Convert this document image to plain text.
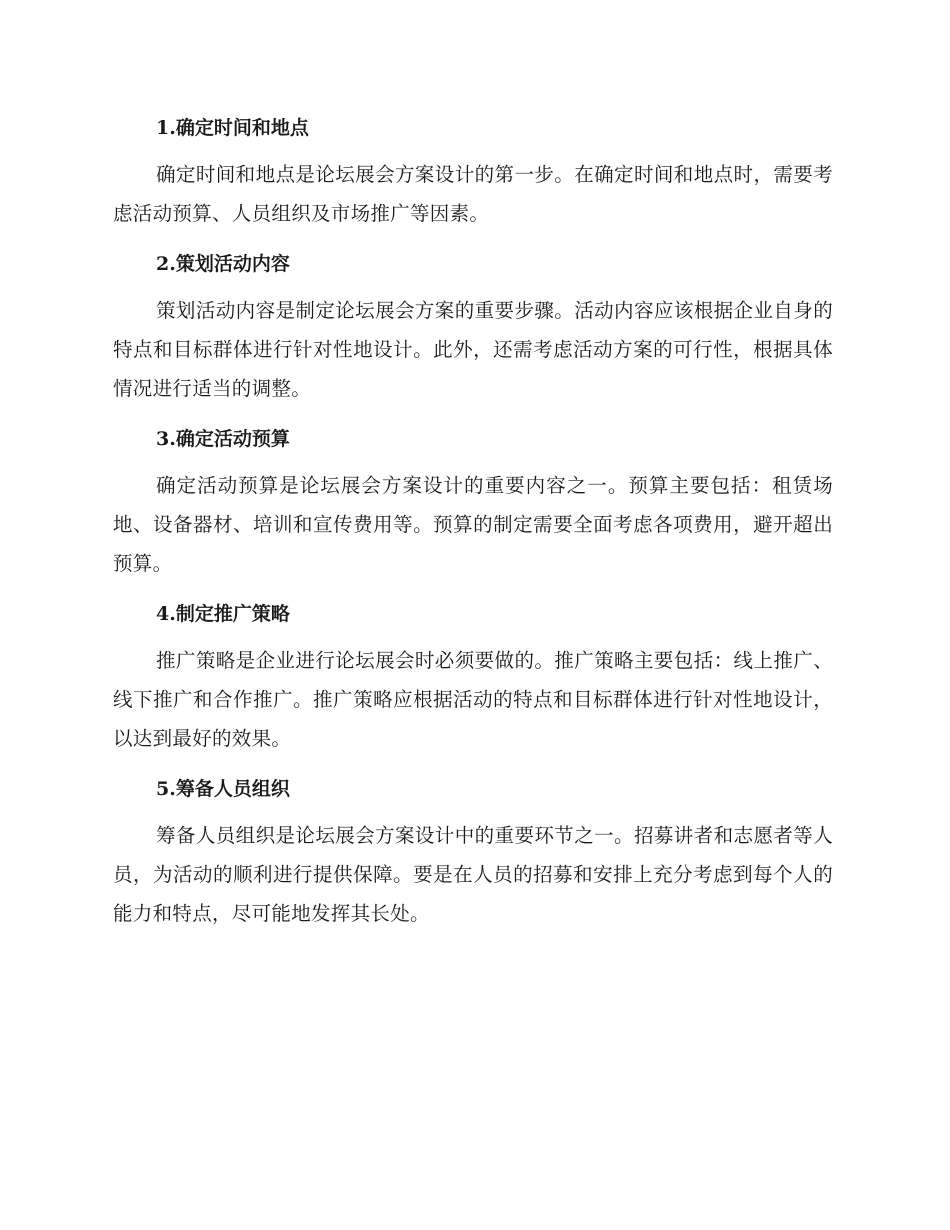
1.确定时间和地点

确定时间和地点是论坛展会方案设计的第一步。在确定时间和地点时，需要考虑活动预算、人员组织及市场推广等因素。

2.策划活动内容

策划活动内容是制定论坛展会方案的重要步骤。活动内容应该根据企业自身的特点和目标群体进行针对性地设计。此外，还需考虑活动方案的可行性，根据具体情况进行适当的调整。

3.确定活动预算

确定活动预算是论坛展会方案设计的重要内容之一。预算主要包括：租赁场地、设备器材、培训和宣传费用等。预算的制定需要全面考虑各项费用，避开超出预算。

4.制定推广策略

推广策略是企业进行论坛展会时必须要做的。推广策略主要包括：线上推广、线下推广和合作推广。推广策略应根据活动的特点和目标群体进行针对性地设计，以达到最好的效果。

5.筹备人员组织

筹备人员组织是论坛展会方案设计中的重要环节之一。招募讲者和志愿者等人员，为活动的顺利进行提供保障。要是在人员的招募和安排上充分考虑到每个人的能力和特点，尽可能地发挥其长处。
